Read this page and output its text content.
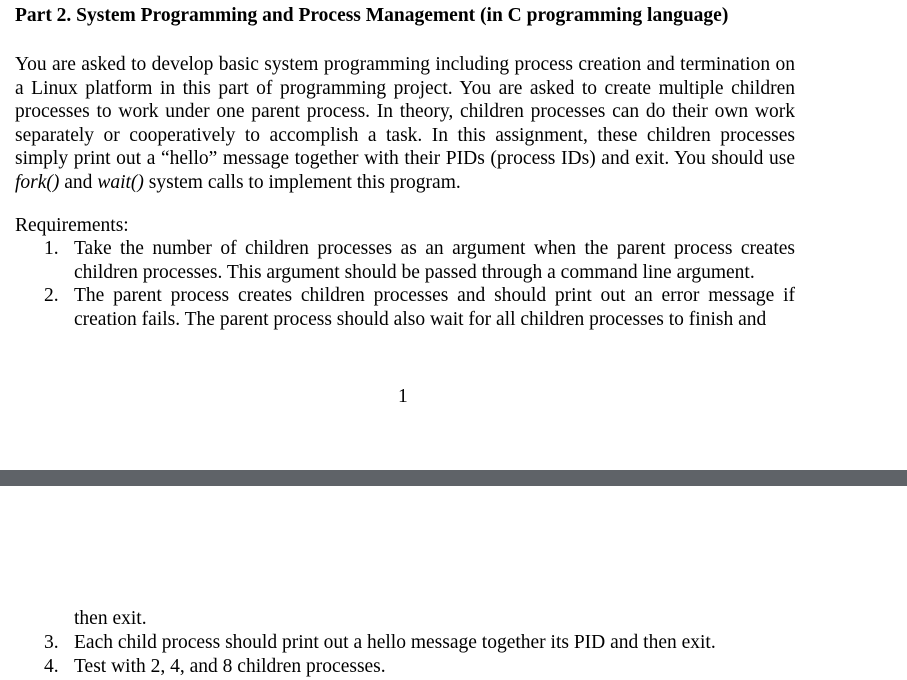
Part 2. System Programming and Process Management (in C programming language)
You are asked to develop basic system programming including process creation and termination on a Linux platform in this part of programming project. You are asked to create multiple children processes to work under one parent process. In theory, children processes can do their own work separately or cooperatively to accomplish a task. In this assignment, these children processes simply print out a “hello” message together with their PIDs (process IDs) and exit. You should use fork() and wait() system calls to implement this program.
Requirements:
1. Take the number of children processes as an argument when the parent process creates children processes. This argument should be passed through a command line argument.
2. The parent process creates children processes and should print out an error message if creation fails. The parent process should also wait for all children processes to finish and
1
then exit.
3. Each child process should print out a hello message together its PID and then exit.
4. Test with 2, 4, and 8 children processes.
